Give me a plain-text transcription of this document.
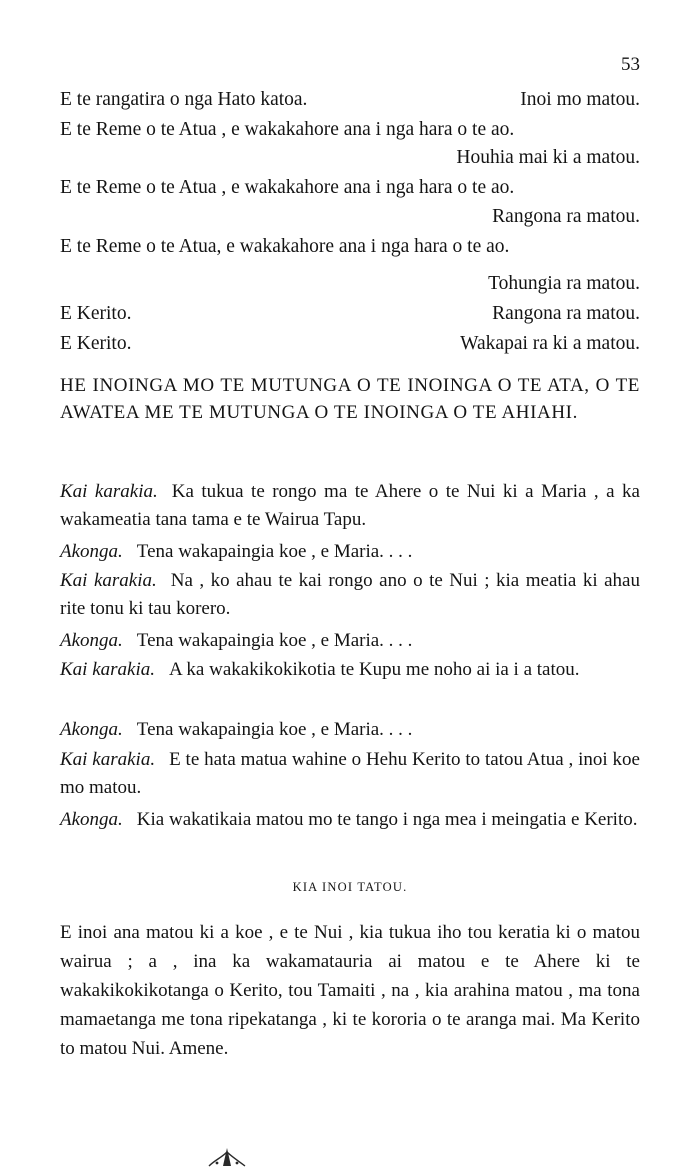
53
E te rangatira o nga Hato katoa.	Inoi mo matou.
E te Reme o te Atua , e wakakahore ana i nga hara o te ao.
Houhia mai ki a matou.
E te Reme o te Atua , e wakakahore ana i nga hara o te ao.
Rangona ra matou.
E te Reme o te Atua, e wakakahore ana i nga hara o te ao.
Tohungia ra matou.
E Kerito.	Rangona ra matou.
E Kerito.	Wakapai ra ki a matou.
HE INOINGA MO TE MUTUNGA O TE INOINGA O TE ATA, O TE AWATEA ME TE MUTUNGA O TE INOINGA O TE AHIAHI.
Kai karakia. Ka tukua te rongo ma te Ahere o te Nui ki a Maria , a ka wakameatia tana tama e te Wairua Tapu.
Akonga. Tena wakapaingia koe , e Maria. . . .
Kai karakia. Na , ko ahau te kai rongo ano o te Nui ; kia meatia ki ahau rite tonu ki tau korero.
Akonga. Tena wakapaingia koe , e Maria. . . .
Kai karakia. A ka wakakikokikotia te Kupu me noho ai ia i a tatou.
Akonga. Tena wakapaingia koe , e Maria. . . .
Kai karakia. E te hata matua wahine o Hehu Kerito to tatou Atua , inoi koe mo matou.
Akonga. Kia wakatikaia matou mo te tango i nga mea i meingatia e Kerito.
KIA INOI TATOU.
E inoi ana matou ki a koe , e te Nui , kia tukua iho tou keratia ki o matou wairua ; a , ina ka wakamatauria ai matou e te Ahere ki te wakakikokikotanga o Kerito, tou Tamaiti , na , kia arahina matou , ma tona mamaetanga me tona ripekatanga , ki te kororia o te aranga mai. Ma Kerito to matou Nui. Amene.
